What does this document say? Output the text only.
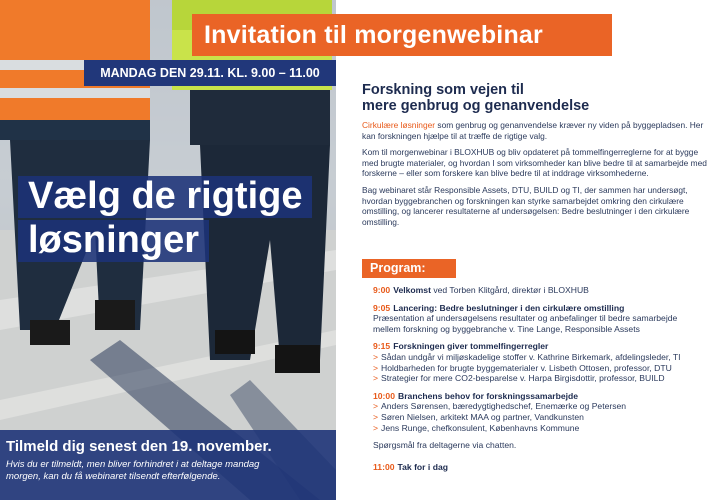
Invitation til morgenwebinar
MANDAG DEN 29.11. KL. 9.00 – 11.00
Vælg de rigtige
løsninger
Tilmeld dig senest den 19. november.
Hvis du er tilmeldt, men bliver forhindret i at deltage mandag
morgen, kan du få webinaret tilsendt efterfølgende.
Forskning som vejen til
mere genbrug og genanvendelse

Cirkulære løsninger som genbrug og genanvendelse kræver ny viden på byggepladsen. Her kan forskningen hjælpe til at træffe de rigtige valg.

Kom til morgenwebinar i BLOXHUB og bliv opdateret på tommelfingerreglerne for at bygge med brugte materialer, og hvordan I som virksomheder kan blive bedre til at samarbejde med forskerne – eller som forskere kan blive bedre til at inddrage virksomhederne.

Bag webinaret står Responsible Assets, DTU, BUILD og TI, der sammen har undersøgt, hvordan byggebranchen og forskningen kan styrke samarbejdet omkring den cirkulære omstilling, og lancerer resultaterne af undersøgelsen: Bedre beslutninger i den cirkulære omstilling.

Program:
9:00 Velkomst ved Torben Klitgård, direktør i BLOXHUB
9:05 Lancering: Bedre beslutninger i den cirkulære omstilling
Præsentation af undersøgelsens resultater og anbefalinger til bedre samarbejde
mellem forskning og byggebranche v. Tine Lange, Responsible Assets
9:15 Forskningen giver tommelfingerregler
> Sådan undgår vi miljøskadelige stoffer v. Kathrine Birkemark, afdelingsleder, TI
> Holdbarheden for brugte byggematerialer v. Lisbeth Ottosen, professor, DTU
> Strategier for mere CO2-besparelse v. Harpa Birgisdottir, professor, BUILD
10:00 Branchens behov for forskningssamarbejde
> Anders Sørensen, bæredygtighedschef, Enemærke og Petersen
> Søren Nielsen, arkitekt MAA og partner, Vandkunsten
> Jens Runge, chefkonsulent, Københavns Kommune
Spørgsmål fra deltagerne via chatten.
11:00 Tak for i dag
